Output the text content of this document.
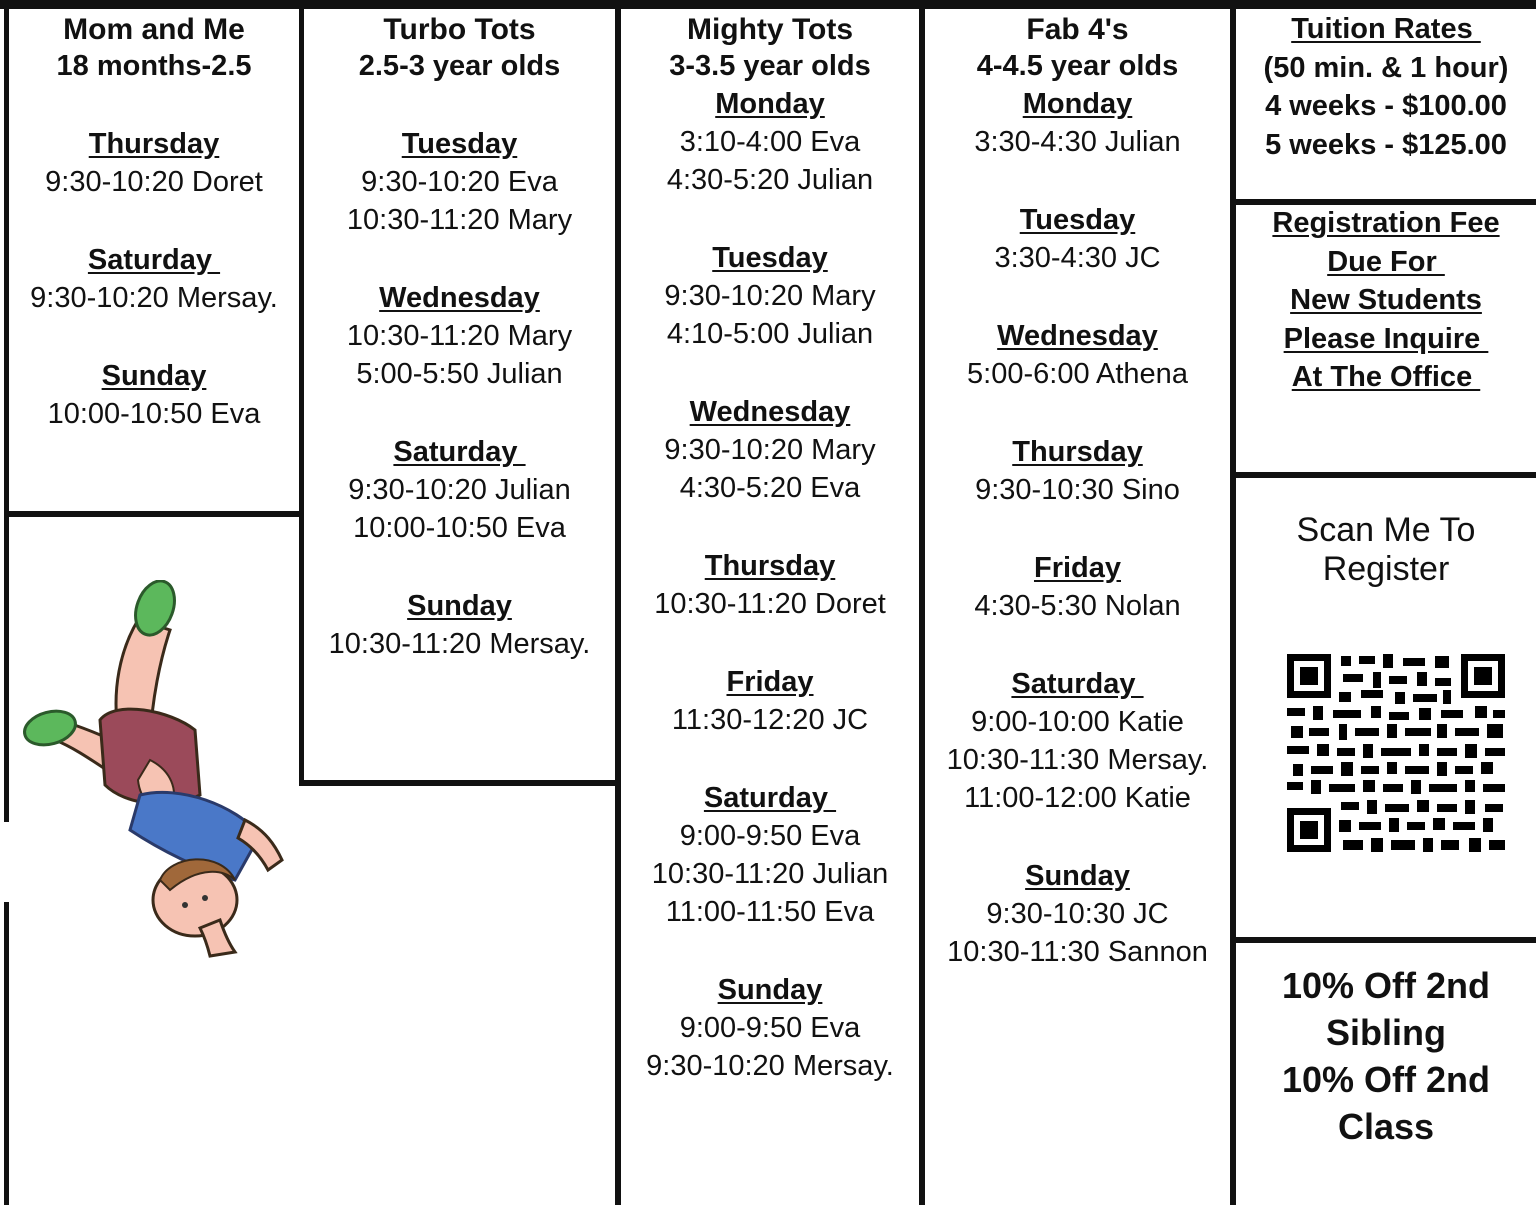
Mom and Me
18 months-2.5
Thursday
9:30-10:20 Doret
Saturday
9:30-10:20 Mersay.
Sunday
10:00-10:50 Eva
Turbo Tots
2.5-3 year olds
Tuesday
9:30-10:20 Eva
10:30-11:20 Mary
Wednesday
10:30-11:20 Mary
5:00-5:50 Julian
Saturday
9:30-10:20 Julian
10:00-10:50 Eva
Sunday
10:30-11:20 Mersay.
Mighty Tots
3-3.5 year olds
Monday
3:10-4:00 Eva
4:30-5:20 Julian
Tuesday
9:30-10:20 Mary
4:10-5:00 Julian
Wednesday
9:30-10:20 Mary
4:30-5:20 Eva
Thursday
10:30-11:20 Doret
Friday
11:30-12:20 JC
Saturday
9:00-9:50 Eva
10:30-11:20 Julian
11:00-11:50 Eva
Sunday
9:00-9:50 Eva
9:30-10:20 Mersay.
Fab 4's
4-4.5 year olds
Monday
3:30-4:30 Julian
Tuesday
3:30-4:30 JC
Wednesday
5:00-6:00 Athena
Thursday
9:30-10:30 Sino
Friday
4:30-5:30 Nolan
Saturday
9:00-10:00 Katie
10:30-11:30 Mersay.
11:00-12:00 Katie
Sunday
9:30-10:30 JC
10:30-11:30 Sannon
Tuition Rates
(50 min. & 1 hour)
4 weeks - $100.00
5 weeks - $125.00
Registration Fee
Due For
New Students
Please Inquire
At The Office
Scan Me To
Register
10% Off 2nd
Sibling
10% Off 2nd
Class
